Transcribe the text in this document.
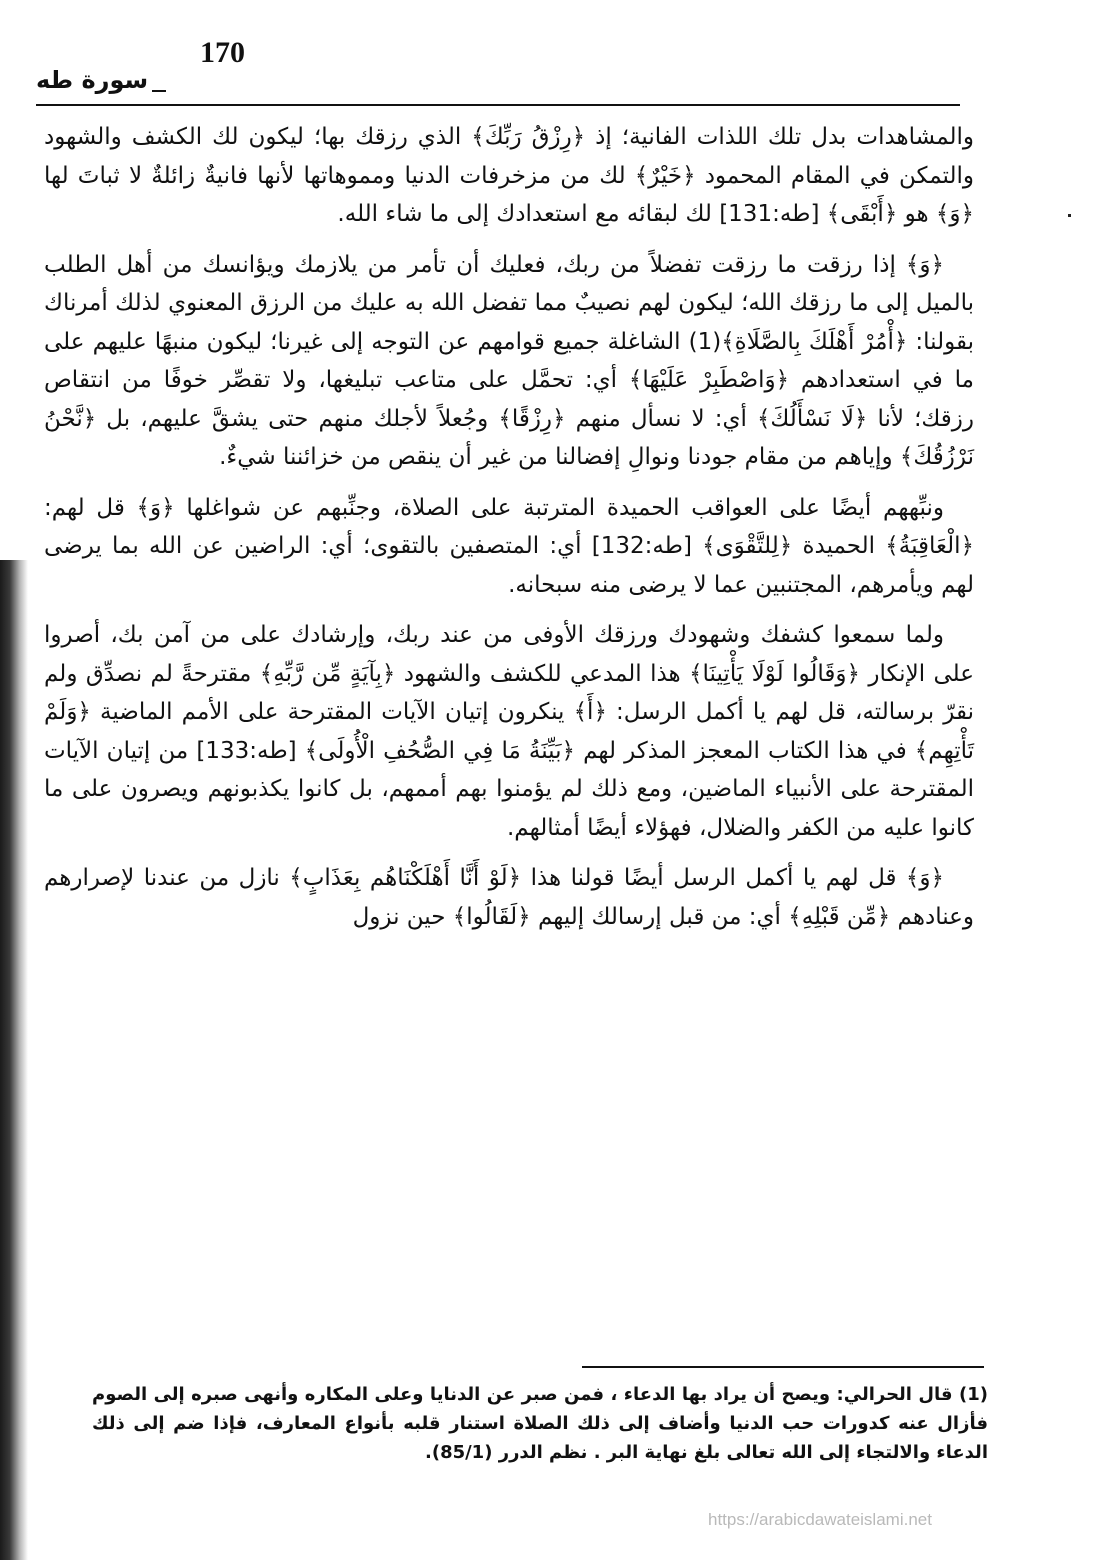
170
سورة طه

والمشاهدات بدل تلك اللذات الفانية؛ إذ ﴿رِزْقُ رَبِّكَ﴾ الذي رزقك بها؛ ليكون لك الكشف والشهود والتمكن في المقام المحمود ﴿خَيْرٌ﴾ لك من مزخرفات الدنيا ومموهاتها لأنها فانيةٌ زائلةٌ لا ثباتَ لها ﴿وَ﴾ هو ﴿أَبْقَى﴾ [طه:131] لك لبقائه مع استعدادك إلى ما شاء الله.

﴿وَ﴾ إذا رزقت ما رزقت تفضلاً من ربك، فعليك أن تأمر من يلازمك ويؤانسك من أهل الطلب بالميل إلى ما رزقك الله؛ ليكون لهم نصيبٌ مما تفضل الله به عليك من الرزق المعنوي لذلك أمرناك بقولنا: ﴿أْمُرْ أَهْلَكَ بِالصَّلَاةِ﴾(1) الشاغلة جميع قوامهم عن التوجه إلى غيرنا؛ ليكون منبهًا عليهم على ما في استعدادهم ﴿وَاصْطَبِرْ عَلَيْهَا﴾ أي: تحمَّل على متاعب تبليغها، ولا تقصِّر خوفًا من انتقاص رزقك؛ لأنا ﴿لَا نَسْأَلُكَ﴾ أي: لا نسأل منهم ﴿رِزْقًا﴾ وجُعلاً لأجلك منهم حتى يشقَّ عليهم، بل ﴿نَّحْنُ نَرْزُقُكَ﴾ وإياهم من مقام جودنا ونوالِ إفضالنا من غير أن ينقص من خزائننا شيءٌ.

ونبِّههم أيضًا على العواقب الحميدة المترتبة على الصلاة، وجنِّبهم عن شواغلها ﴿وَ﴾ قل لهم: ﴿الْعَاقِبَةُ﴾ الحميدة ﴿لِلتَّقْوَى﴾ [طه:132] أي: المتصفين بالتقوى؛ أي: الراضين عن الله بما يرضى لهم ويأمرهم، المجتنبين عما لا يرضى منه سبحانه.

ولما سمعوا كشفك وشهودك ورزقك الأوفى من عند ربك، وإرشادك على من آمن بك، أصروا على الإنكار ﴿وَقَالُوا لَوْلَا يَأْتِينَا﴾ هذا المدعي للكشف والشهود ﴿بِآيَةٍ مِّن رَّبِّهِ﴾ مقترحةً لم نصدِّق ولم نقرّ برسالته، قل لهم يا أكمل الرسل: ﴿أَ﴾ ينكرون إتيان الآيات المقترحة على الأمم الماضية ﴿وَلَمْ تَأْتِهِم﴾ في هذا الكتاب المعجز المذكر لهم ﴿بَيِّنَةُ مَا فِي الصُّحُفِ الْأُولَى﴾ [طه:133] من إتيان الآيات المقترحة على الأنبياء الماضين، ومع ذلك لم يؤمنوا بهم أممهم، بل كانوا يكذبونهم ويصرون على ما كانوا عليه من الكفر والضلال، فهؤلاء أيضًا أمثالهم.

﴿وَ﴾ قل لهم يا أكمل الرسل أيضًا قولنا هذا ﴿لَوْ أَنَّا أَهْلَكْنَاهُم بِعَذَابٍ﴾ نازل من عندنا لإصرارهم وعنادهم ﴿مِّن قَبْلِهِ﴾ أي: من قبل إرسالك إليهم ﴿لَقَالُوا﴾ حين نزول

(1) قال الحرالي: ويصح أن يراد بها الدعاء ، فمن صبر عن الدنايا وعلى المكاره وأنهى صبره إلى الصوم فأزال عنه كدورات حب الدنيا وأضاف إلى ذلك الصلاة استنار قلبه بأنواع المعارف، فإذا ضم إلى ذلك الدعاء والالتجاء إلى الله تعالى بلغ نهاية البر . نظم الدرر (85/1).
https://arabicdawateislami.net
